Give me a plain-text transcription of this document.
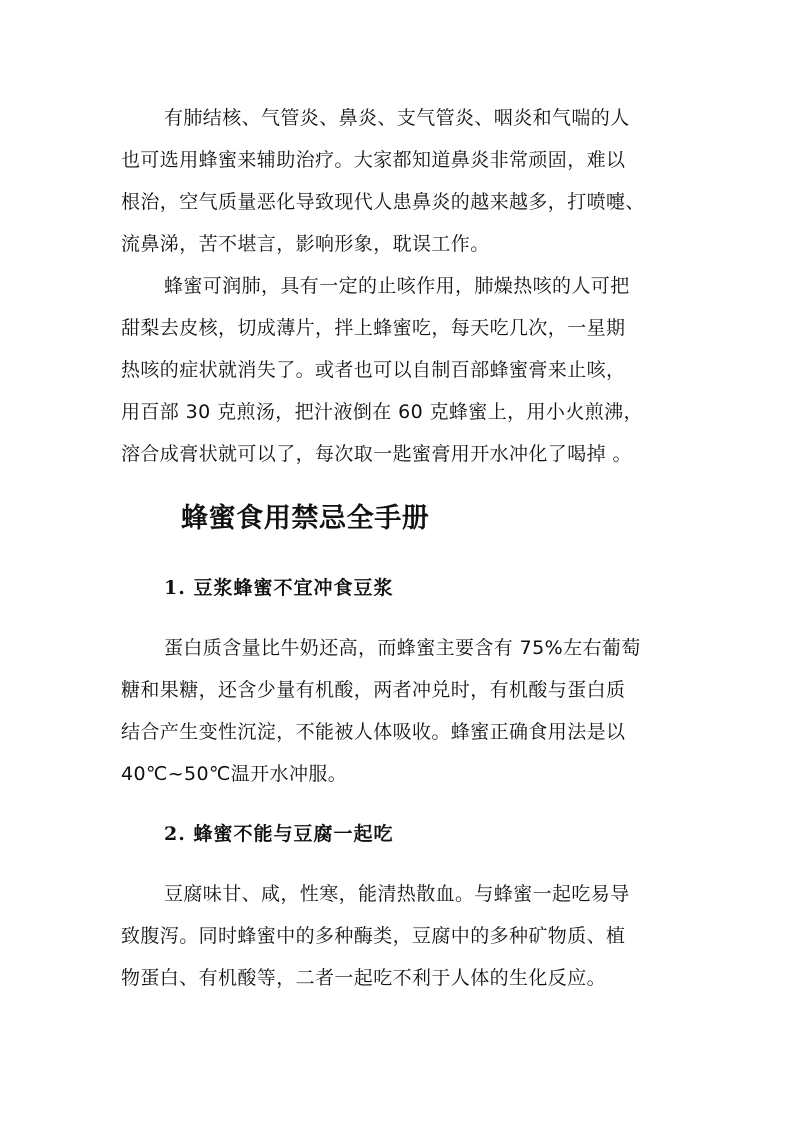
有肺结核、气管炎、鼻炎、支气管炎、咽炎和气喘的人
也可选用蜂蜜来辅助治疗。大家都知道鼻炎非常顽固，难以
根治，空气质量恶化导致现代人患鼻炎的越来越多，打喷嚏、
流鼻涕，苦不堪言，影响形象，耽误工作。
蜂蜜可润肺，具有一定的止咳作用，肺燥热咳的人可把
甜梨去皮核，切成薄片，拌上蜂蜜吃，每天吃几次，一星期
热咳的症状就消失了。或者也可以自制百部蜂蜜膏来止咳，
用百部 30 克煎汤，把汁液倒在 60 克蜂蜜上，用小火煎沸，
溶合成膏状就可以了，每次取一匙蜜膏用开水冲化了喝掉 。
蜂蜜食用禁忌全手册
1. 豆浆蜂蜜不宜冲食豆浆
蛋白质含量比牛奶还高，而蜂蜜主要含有 75%左右葡萄
糖和果糖，还含少量有机酸，两者冲兑时，有机酸与蛋白质
结合产生变性沉淀，不能被人体吸收。蜂蜜正确食用法是以
40℃~50℃温开水冲服。
2. 蜂蜜不能与豆腐一起吃
豆腐味甘、咸，性寒，能清热散血。与蜂蜜一起吃易导
致腹泻。同时蜂蜜中的多种酶类，豆腐中的多种矿物质、植
物蛋白、有机酸等，二者一起吃不利于人体的生化反应。
